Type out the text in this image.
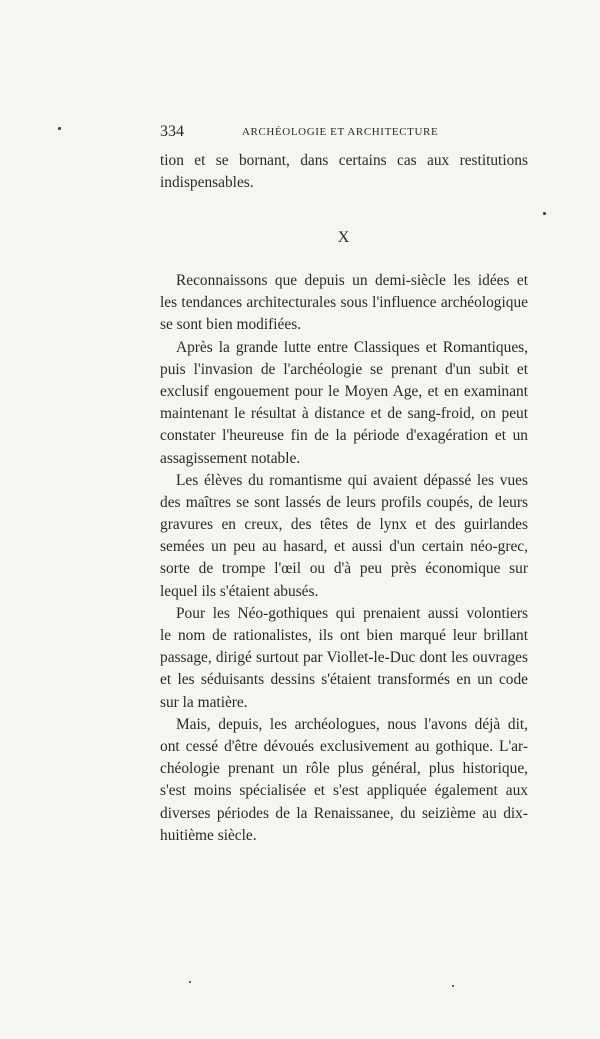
334	ARCHÉOLOGIE ET ARCHITECTURE
tion et se bornant, dans certains cas aux restitutions
indispensables.
X
Reconnaissons que depuis un demi-siècle les idées et
les tendances architecturales sous l'influence archéologique
se sont bien modifiées.
Après la grande lutte entre Classiques et Romantiques,
puis l'invasion de l'archéologie se prenant d'un subit et
exclusif engouement pour le Moyen Age, et en examinant
maintenant le résultat à distance et de sang-froid, on peut
constater l'heureuse fin de la période d'exagération et un
assagissement notable.
Les élèves du romantisme qui avaient dépassé les vues
des maîtres se sont lassés de leurs profils coupés, de leurs
gravures en creux, des têtes de lynx et des guirlandes
semées un peu au hasard, et aussi d'un certain néo-grec,
sorte de trompe l'œil ou d'à peu près économique sur
lequel ils s'étaient abusés.
Pour les Néo-gothiques qui prenaient aussi volontiers
le nom de rationalistes, ils ont bien marqué leur brillant
passage, dirigé surtout par Viollet-le-Duc dont les ouvrages
et les séduisants dessins s'étaient transformés en un code
sur la matière.
Mais, depuis, les archéologues, nous l'avons déjà dit,
ont cessé d'être dévoués exclusivement au gothique. L'ar-
chéologie prenant un rôle plus général, plus historique,
s'est moins spécialisée et s'est appliquée également aux
diverses périodes de la Renaissanee, du seizième au dix-
huitième siècle.
